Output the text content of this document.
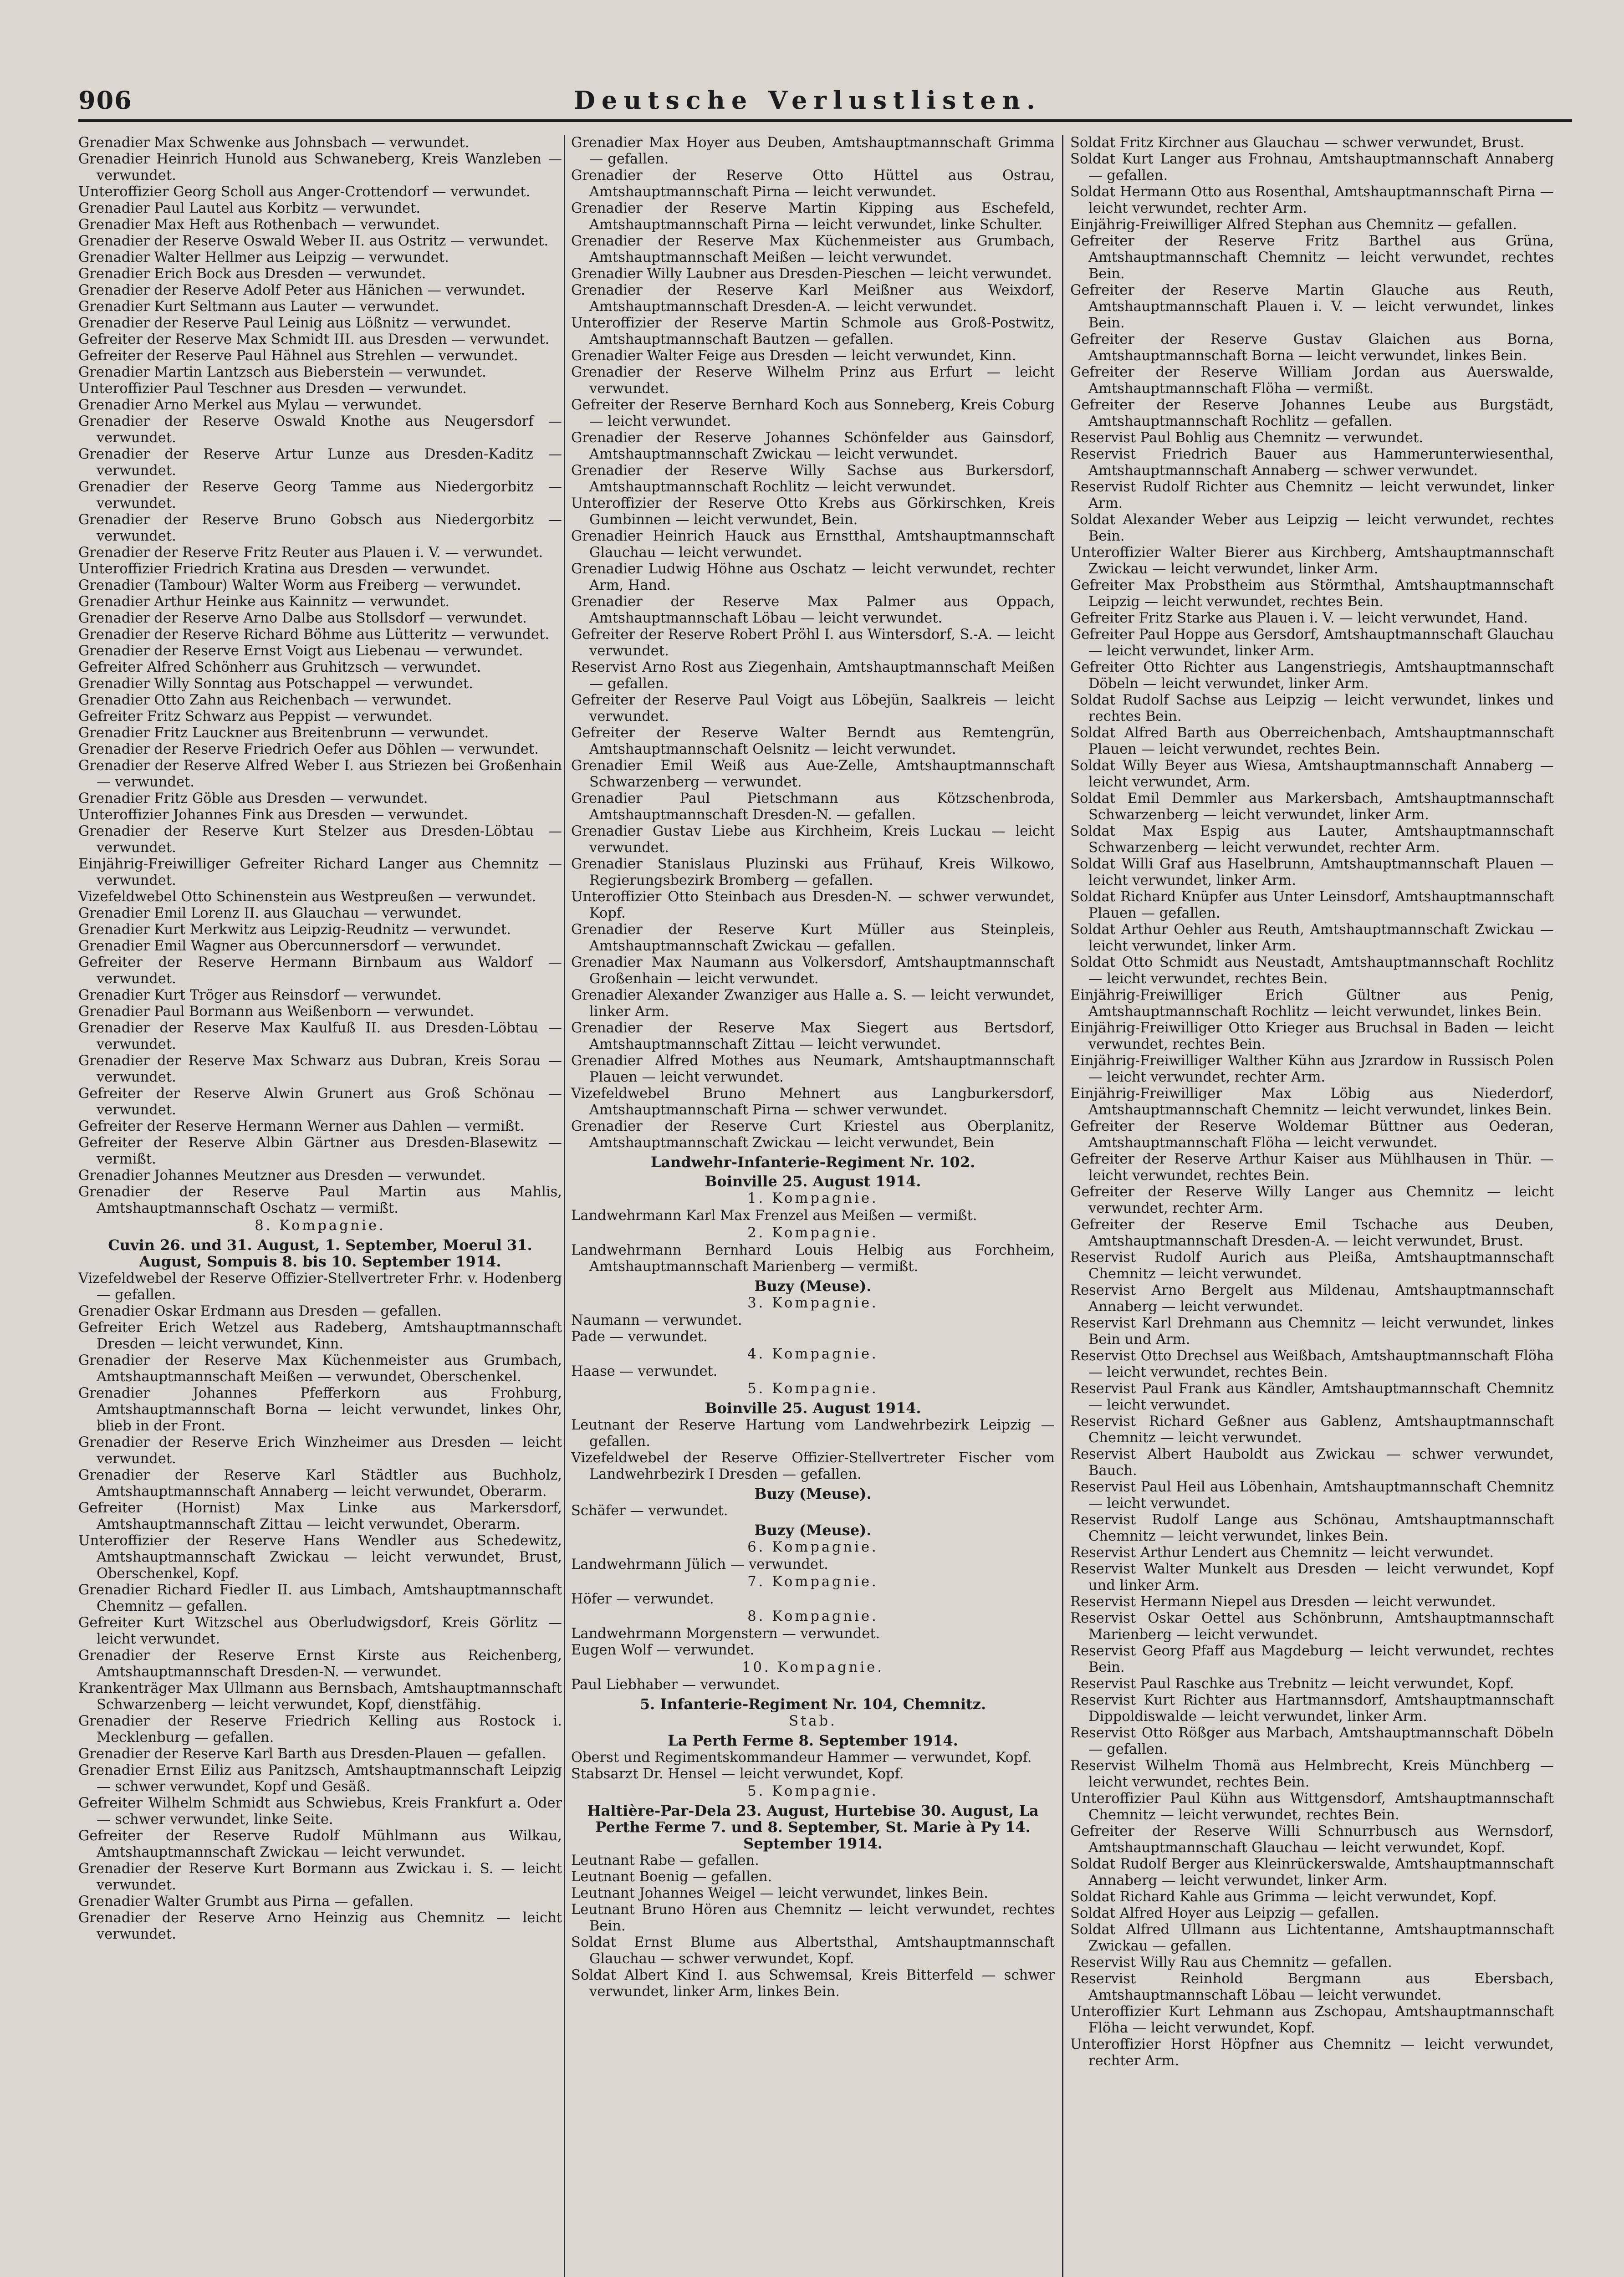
906	Deutsche Verlustlisten.

Grenadier Max Schwenke aus Johnsbach — verwundet.

Grenadier Heinrich Hunold aus Schwaneberg, Kreis Wanzleben — verwundet.

Unteroffizier Georg Scholl aus Anger-Crottendorf — verwundet.

Grenadier Paul Lautel aus Korbitz — verwundet.

Grenadier Max Heft aus Rothenbach — verwundet.

Grenadier der Reserve Oswald Weber II. aus Ostritz — verwundet.

Grenadier Walter Hellmer aus Leipzig — verwundet.

Grenadier Erich Bock aus Dresden — verwundet.

Grenadier der Reserve Adolf Peter aus Hänichen — verwundet.

Grenadier Kurt Seltmann aus Lauter — verwundet.

Grenadier der Reserve Paul Leinig aus Lößnitz — verwundet.

Gefreiter der Reserve Max Schmidt III. aus Dresden — verwundet.

Gefreiter der Reserve Paul Hähnel aus Strehlen — verwundet.

Grenadier Martin Lantzsch aus Bieberstein — verwundet.

Unteroffizier Paul Teschner aus Dresden — verwundet.

Grenadier Arno Merkel aus Mylau — verwundet.

Grenadier der Reserve Oswald Knothe aus Neugersdorf — verwundet.

Grenadier der Reserve Artur Lunze aus Dresden-Kaditz — verwundet.

Grenadier der Reserve Georg Tamme aus Niedergorbitz — verwundet.

Grenadier der Reserve Bruno Gobsch aus Niedergorbitz — verwundet.

Grenadier der Reserve Fritz Reuter aus Plauen i. V. — verwundet.

Unteroffizier Friedrich Kratina aus Dresden — verwundet.

Grenadier (Tambour) Walter Worm aus Freiberg — verwundet.

Grenadier Arthur Heinke aus Kainnitz — verwundet.

Grenadier der Reserve Arno Dalbe aus Stollsdorf — verwundet.

Grenadier der Reserve Richard Böhme aus Lütteritz — verwundet.

Grenadier der Reserve Ernst Voigt aus Liebenau — verwundet.

Gefreiter Alfred Schönherr aus Gruhitzsch — verwundet.

Grenadier Willy Sonntag aus Potschappel — verwundet.

Grenadier Otto Zahn aus Reichenbach — verwundet.

Gefreiter Fritz Schwarz aus Peppist — verwundet.

Grenadier Fritz Lauckner aus Breitenbrunn — verwundet.

Grenadier der Reserve Friedrich Oefer aus Döhlen — verwundet.

Grenadier der Reserve Alfred Weber I. aus Striezen bei Großenhain — verwundet.

Grenadier Fritz Göble aus Dresden — verwundet.

Unteroffizier Johannes Fink aus Dresden — verwundet.

Grenadier der Reserve Kurt Stelzer aus Dresden-Löbtau — verwundet.

Einjährig-Freiwilliger Gefreiter Richard Langer aus Chemnitz — verwundet.

Vizefeldwebel Otto Schinenstein aus Westpreußen — verwundet.

Grenadier Emil Lorenz II. aus Glauchau — verwundet.

Grenadier Kurt Merkwitz aus Leipzig-Reudnitz — verwundet.

Grenadier Emil Wagner aus Obercunnersdorf — verwundet.

Gefreiter der Reserve Hermann Birnbaum aus Waldorf — verwundet.

Grenadier Kurt Tröger aus Reinsdorf — verwundet.

Grenadier Paul Bormann aus Weißenborn — verwundet.

Grenadier der Reserve Max Kaulfuß II. aus Dresden-Löbtau — verwundet.

Grenadier der Reserve Max Schwarz aus Dubran, Kreis Sorau — verwundet.

Gefreiter der Reserve Alwin Grunert aus Groß Schönau — verwundet.

Gefreiter der Reserve Hermann Werner aus Dahlen — vermißt.

Gefreiter der Reserve Albin Gärtner aus Dresden-Blasewitz — vermißt.

Grenadier Johannes Meutzner aus Dresden — verwundet.

Grenadier der Reserve Paul Martin aus Mahlis, Amtshauptmannschaft Oschatz — vermißt.

8. Kompagnie.

Cuvin 26. und 31. August, 1. September, Moerul 31. August, Sompuis 8. bis 10. September 1914.

Vizefeldwebel der Reserve Offizier-Stellvertreter Frhr. v. Hodenberg — gefallen.

Grenadier Oskar Erdmann aus Dresden — gefallen.

Gefreiter Erich Wetzel aus Radeberg, Amtshauptmannschaft Dresden — leicht verwundet, Kinn.

Grenadier der Reserve Max Küchenmeister aus Grumbach, Amtshauptmannschaft Meißen — verwundet, Oberschenkel.

Grenadier Johannes Pfefferkorn aus Frohburg, Amtshauptmannschaft Borna — leicht verwundet, linkes Ohr, blieb in der Front.

Grenadier der Reserve Erich Winzheimer aus Dresden — leicht verwundet.

Grenadier der Reserve Karl Städtler aus Buchholz, Amtshauptmannschaft Annaberg — leicht verwundet, Oberarm.

Gefreiter (Hornist) Max Linke aus Markersdorf, Amtshauptmannschaft Zittau — leicht verwundet, Oberarm.

Unteroffizier der Reserve Hans Wendler aus Schedewitz, Amtshauptmannschaft Zwickau — leicht verwundet, Brust, Oberschenkel, Kopf.

Grenadier Richard Fiedler II. aus Limbach, Amtshauptmannschaft Chemnitz — gefallen.

Gefreiter Kurt Witzschel aus Oberludwigsdorf, Kreis Görlitz — leicht verwundet.

Grenadier der Reserve Ernst Kirste aus Reichenberg, Amtshauptmannschaft Dresden-N. — verwundet.

Krankenträger Max Ullmann aus Bernsbach, Amtshauptmannschaft Schwarzenberg — leicht verwundet, Kopf, dienstfähig.

Grenadier der Reserve Friedrich Kelling aus Rostock i. Mecklenburg — gefallen.

Grenadier der Reserve Karl Barth aus Dresden-Plauen — gefallen.

Grenadier Ernst Eiliz aus Panitzsch, Amtshauptmannschaft Leipzig — schwer verwundet, Kopf und Gesäß.

Gefreiter Wilhelm Schmidt aus Schwiebus, Kreis Frankfurt a. Oder — schwer verwundet, linke Seite.

Gefreiter der Reserve Rudolf Mühlmann aus Wilkau, Amtshauptmannschaft Zwickau — leicht verwundet.

Grenadier der Reserve Kurt Bormann aus Zwickau i. S. — leicht verwundet.

Grenadier Walter Grumbt aus Pirna — gefallen.

Grenadier der Reserve Arno Heinzig aus Chemnitz — leicht verwundet.

Grenadier Max Hoyer aus Deuben, Amtshauptmannschaft Grimma — gefallen.

Grenadier der Reserve Otto Hüttel aus Ostrau, Amtshauptmannschaft Pirna — leicht verwundet.

Grenadier der Reserve Martin Kipping aus Eschefeld, Amtshauptmannschaft Pirna — leicht verwundet, linke Schulter.

Grenadier der Reserve Max Küchenmeister aus Grumbach, Amtshauptmannschaft Meißen — leicht verwundet.

Grenadier Willy Laubner aus Dresden-Pieschen — leicht verwundet.

Grenadier der Reserve Karl Meißner aus Weixdorf, Amtshauptmannschaft Dresden-A. — leicht verwundet.

Unteroffizier der Reserve Martin Schmole aus Groß-Postwitz, Amtshauptmannschaft Bautzen — gefallen.

Grenadier Walter Feige aus Dresden — leicht verwundet, Kinn.

Grenadier der Reserve Wilhelm Prinz aus Erfurt — leicht verwundet.

Gefreiter der Reserve Bernhard Koch aus Sonneberg, Kreis Coburg — leicht verwundet.

Grenadier der Reserve Johannes Schönfelder aus Gainsdorf, Amtshauptmannschaft Zwickau — leicht verwundet.

Grenadier der Reserve Willy Sachse aus Burkersdorf, Amtshauptmannschaft Rochlitz — leicht verwundet.

Unteroffizier der Reserve Otto Krebs aus Görkirschken, Kreis Gumbinnen — leicht verwundet, Bein.

Grenadier Heinrich Hauck aus Ernstthal, Amtshauptmannschaft Glauchau — leicht verwundet.

Grenadier Ludwig Höhne aus Oschatz — leicht verwundet, rechter Arm, Hand.

Grenadier der Reserve Max Palmer aus Oppach, Amtshauptmannschaft Löbau — leicht verwundet.

Gefreiter der Reserve Robert Pröhl I. aus Wintersdorf, S.-A. — leicht verwundet.

Reservist Arno Rost aus Ziegenhain, Amtshauptmannschaft Meißen — gefallen.

Gefreiter der Reserve Paul Voigt aus Löbejün, Saalkreis — leicht verwundet.

Gefreiter der Reserve Walter Berndt aus Remtengrün, Amtshauptmannschaft Oelsnitz — leicht verwundet.

Grenadier Emil Weiß aus Aue-Zelle, Amtshauptmannschaft Schwarzenberg — verwundet.

Grenadier Paul Pietschmann aus Kötzschenbroda, Amtshauptmannschaft Dresden-N. — gefallen.

Grenadier Gustav Liebe aus Kirchheim, Kreis Luckau — leicht verwundet.

Grenadier Stanislaus Pluzinski aus Frühauf, Kreis Wilkowo, Regierungsbezirk Bromberg — gefallen.

Unteroffizier Otto Steinbach aus Dresden-N. — schwer verwundet, Kopf.

Grenadier der Reserve Kurt Müller aus Steinpleis, Amtshauptmannschaft Zwickau — gefallen.

Grenadier Max Naumann aus Volkersdorf, Amtshauptmannschaft Großenhain — leicht verwundet.

Grenadier Alexander Zwanziger aus Halle a. S. — leicht verwundet, linker Arm.

Grenadier der Reserve Max Siegert aus Bertsdorf, Amtshauptmannschaft Zittau — leicht verwundet.

Grenadier Alfred Mothes aus Neumark, Amtshauptmannschaft Plauen — leicht verwundet.

Vizefeldwebel Bruno Mehnert aus Langburkersdorf, Amtshauptmannschaft Pirna — schwer verwundet.

Grenadier der Reserve Curt Kriestel aus Oberplanitz, Amtshauptmannschaft Zwickau — leicht verwundet, Bein

Landwehr-Infanterie-Regiment Nr. 102.

Boinville 25. August 1914.

1. Kompagnie.

Landwehrmann Karl Max Frenzel aus Meißen — vermißt.

2. Kompagnie.

Landwehrmann Bernhard Louis Helbig aus Forchheim, Amtshauptmannschaft Marienberg — vermißt.

Buzy (Meuse).

3. Kompagnie.

Naumann — verwundet.

Pade — verwundet.

4. Kompagnie.

Haase — verwundet.

5. Kompagnie.

Boinville 25. August 1914.

Leutnant der Reserve Hartung vom Landwehrbezirk Leipzig — gefallen.

Vizefeldwebel der Reserve Offizier-Stellvertreter Fischer vom Landwehrbezirk I Dresden — gefallen.

Buzy (Meuse).

Schäfer — verwundet.

Buzy (Meuse).

6. Kompagnie.

Landwehrmann Jülich — verwundet.

7. Kompagnie.

Höfer — verwundet.

8. Kompagnie.

Landwehrmann Morgenstern — verwundet.

Eugen Wolf — verwundet.

10. Kompagnie.

Paul Liebhaber — verwundet.

5. Infanterie-Regiment Nr. 104, Chemnitz.

Stab.

La Perth Ferme 8. September 1914.

Oberst und Regimentskommandeur Hammer — verwundet, Kopf.

Stabsarzt Dr. Hensel — leicht verwundet, Kopf.

5. Kompagnie.

Haltière-Par-Dela 23. August, Hurtebise 30. August, La Perthe Ferme 7. und 8. September, St. Marie à Py 14. September 1914.

Leutnant Rabe — gefallen.

Leutnant Boenig — gefallen.

Leutnant Johannes Weigel — leicht verwundet, linkes Bein.

Leutnant Bruno Hören aus Chemnitz — leicht verwundet, rechtes Bein.

Soldat Ernst Blume aus Albertsthal, Amtshauptmannschaft Glauchau — schwer verwundet, Kopf.

Soldat Albert Kind I. aus Schwemsal, Kreis Bitterfeld — schwer verwundet, linker Arm, linkes Bein.

Soldat Fritz Kirchner aus Glauchau — schwer verwundet, Brust.

Soldat Kurt Langer aus Frohnau, Amtshauptmannschaft Annaberg — gefallen.

Soldat Hermann Otto aus Rosenthal, Amtshauptmannschaft Pirna — leicht verwundet, rechter Arm.

Einjährig-Freiwilliger Alfred Stephan aus Chemnitz — gefallen.

Gefreiter der Reserve Fritz Barthel aus Grüna, Amtshauptmannschaft Chemnitz — leicht verwundet, rechtes Bein.

Gefreiter der Reserve Martin Glauche aus Reuth, Amtshauptmannschaft Plauen i. V. — leicht verwundet, linkes Bein.

Gefreiter der Reserve Gustav Glaichen aus Borna, Amtshauptmannschaft Borna — leicht verwundet, linkes Bein.

Gefreiter der Reserve William Jordan aus Auerswalde, Amtshauptmannschaft Flöha — vermißt.

Gefreiter der Reserve Johannes Leube aus Burgstädt, Amtshauptmannschaft Rochlitz — gefallen.

Reservist Paul Bohlig aus Chemnitz — verwundet.

Reservist Friedrich Bauer aus Hammerunterwiesenthal, Amtshauptmannschaft Annaberg — schwer verwundet.

Reservist Rudolf Richter aus Chemnitz — leicht verwundet, linker Arm.

Soldat Alexander Weber aus Leipzig — leicht verwundet, rechtes Bein.

Unteroffizier Walter Bierer aus Kirchberg, Amtshauptmannschaft Zwickau — leicht verwundet, linker Arm.

Gefreiter Max Probstheim aus Störmthal, Amtshauptmannschaft Leipzig — leicht verwundet, rechtes Bein.

Gefreiter Fritz Starke aus Plauen i. V. — leicht verwundet, Hand.

Gefreiter Paul Hoppe aus Gersdorf, Amtshauptmannschaft Glauchau — leicht verwundet, linker Arm.

Gefreiter Otto Richter aus Langenstriegis, Amtshauptmannschaft Döbeln — leicht verwundet, linker Arm.

Soldat Rudolf Sachse aus Leipzig — leicht verwundet, linkes und rechtes Bein.

Soldat Alfred Barth aus Oberreichenbach, Amtshauptmannschaft Plauen — leicht verwundet, rechtes Bein.

Soldat Willy Beyer aus Wiesa, Amtshauptmannschaft Annaberg — leicht verwundet, Arm.

Soldat Emil Demmler aus Markersbach, Amtshauptmannschaft Schwarzenberg — leicht verwundet, linker Arm.

Soldat Max Espig aus Lauter, Amtshauptmannschaft Schwarzenberg — leicht verwundet, rechter Arm.

Soldat Willi Graf aus Haselbrunn, Amtshauptmannschaft Plauen — leicht verwundet, linker Arm.

Soldat Richard Knüpfer aus Unter Leinsdorf, Amtshauptmannschaft Plauen — gefallen.

Soldat Arthur Oehler aus Reuth, Amtshauptmannschaft Zwickau — leicht verwundet, linker Arm.

Soldat Otto Schmidt aus Neustadt, Amtshauptmannschaft Rochlitz — leicht verwundet, rechtes Bein.

Einjährig-Freiwilliger Erich Gültner aus Penig, Amtshauptmannschaft Rochlitz — leicht verwundet, linkes Bein.

Einjährig-Freiwilliger Otto Krieger aus Bruchsal in Baden — leicht verwundet, rechtes Bein.

Einjährig-Freiwilliger Walther Kühn aus Jzrardow in Russisch Polen — leicht verwundet, rechter Arm.

Einjährig-Freiwilliger Max Löbig aus Niederdorf, Amtshauptmannschaft Chemnitz — leicht verwundet, linkes Bein.

Gefreiter der Reserve Woldemar Büttner aus Oederan, Amtshauptmannschaft Flöha — leicht verwundet.

Gefreiter der Reserve Arthur Kaiser aus Mühlhausen in Thür. — leicht verwundet, rechtes Bein.

Gefreiter der Reserve Willy Langer aus Chemnitz — leicht verwundet, rechter Arm.

Gefreiter der Reserve Emil Tschache aus Deuben, Amtshauptmannschaft Dresden-A. — leicht verwundet, Brust.

Reservist Rudolf Aurich aus Pleißa, Amtshauptmannschaft Chemnitz — leicht verwundet.

Reservist Arno Bergelt aus Mildenau, Amtshauptmannschaft Annaberg — leicht verwundet.

Reservist Karl Drehmann aus Chemnitz — leicht verwundet, linkes Bein und Arm.

Reservist Otto Drechsel aus Weißbach, Amtshauptmannschaft Flöha — leicht verwundet, rechtes Bein.

Reservist Paul Frank aus Kändler, Amtshauptmannschaft Chemnitz — leicht verwundet.

Reservist Richard Geßner aus Gablenz, Amtshauptmannschaft Chemnitz — leicht verwundet.

Reservist Albert Hauboldt aus Zwickau — schwer verwundet, Bauch.

Reservist Paul Heil aus Löbenhain, Amtshauptmannschaft Chemnitz — leicht verwundet.

Reservist Rudolf Lange aus Schönau, Amtshauptmannschaft Chemnitz — leicht verwundet, linkes Bein.

Reservist Arthur Lendert aus Chemnitz — leicht verwundet.

Reservist Walter Munkelt aus Dresden — leicht verwundet, Kopf und linker Arm.

Reservist Hermann Niepel aus Dresden — leicht verwundet.

Reservist Oskar Oettel aus Schönbrunn, Amtshauptmannschaft Marienberg — leicht verwundet.

Reservist Georg Pfaff aus Magdeburg — leicht verwundet, rechtes Bein.

Reservist Paul Raschke aus Trebnitz — leicht verwundet, Kopf.

Reservist Kurt Richter aus Hartmannsdorf, Amtshauptmannschaft Dippoldiswalde — leicht verwundet, linker Arm.

Reservist Otto Rößger aus Marbach, Amtshauptmannschaft Döbeln — gefallen.

Reservist Wilhelm Thomä aus Helmbrecht, Kreis Münchberg — leicht verwundet, rechtes Bein.

Unteroffizier Paul Kühn aus Wittgensdorf, Amtshauptmannschaft Chemnitz — leicht verwundet, rechtes Bein.

Gefreiter der Reserve Willi Schnurrbusch aus Wernsdorf, Amtshauptmannschaft Glauchau — leicht verwundet, Kopf.

Soldat Rudolf Berger aus Kleinrückerswalde, Amtshauptmannschaft Annaberg — leicht verwundet, linker Arm.

Soldat Richard Kahle aus Grimma — leicht verwundet, Kopf.

Soldat Alfred Hoyer aus Leipzig — gefallen.

Soldat Alfred Ullmann aus Lichtentanne, Amtshauptmannschaft Zwickau — gefallen.

Reservist Willy Rau aus Chemnitz — gefallen.

Reservist Reinhold Bergmann aus Ebersbach, Amtshauptmannschaft Löbau — leicht verwundet.

Unteroffizier Kurt Lehmann aus Zschopau, Amtshauptmannschaft Flöha — leicht verwundet, Kopf.

Unteroffizier Horst Höpfner aus Chemnitz — leicht verwundet, rechter Arm.
